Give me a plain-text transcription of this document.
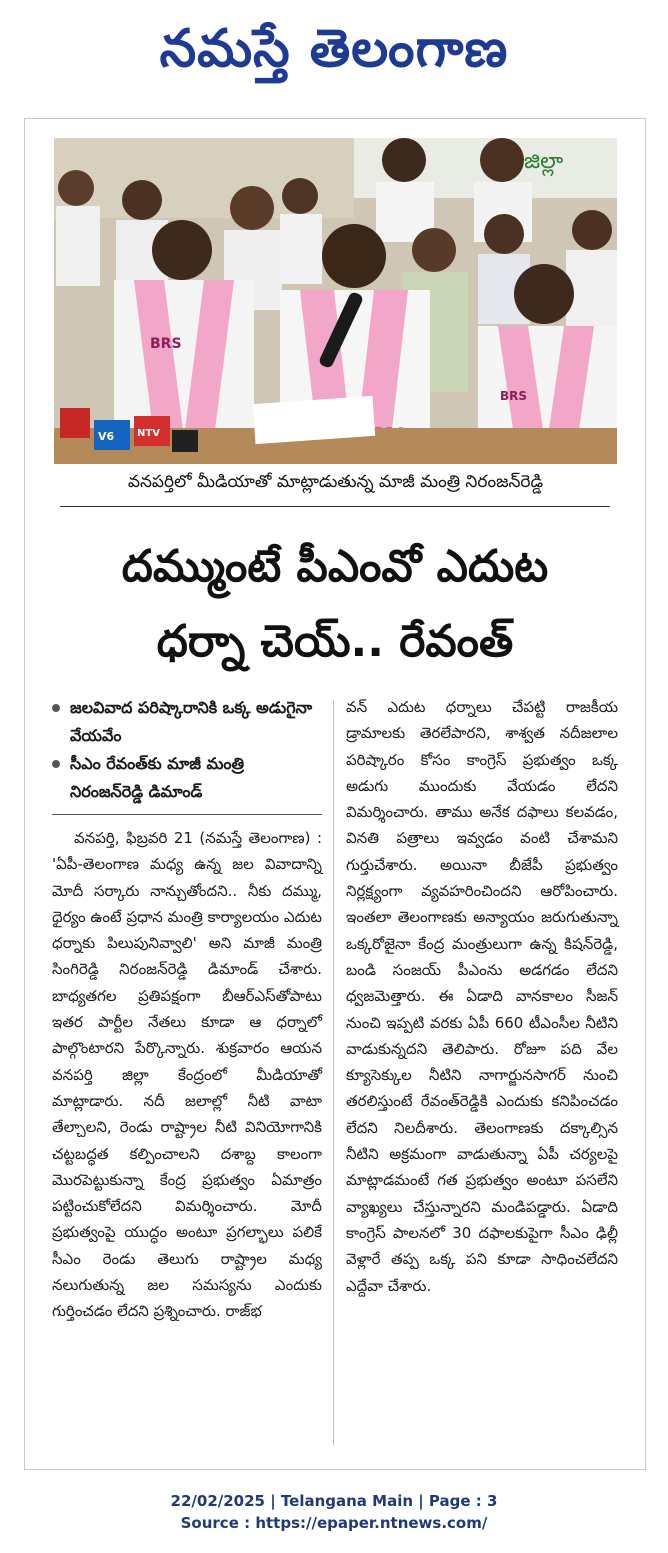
నమస్తే తెలంగాణ
జిల్లా
BRS
BRS
V6 NTV
వనపర్తిలో మీడియాతో మాట్లాడుతున్న మాజీ మంత్రి నిరంజన్‌రెడ్డి
దమ్ముంటే పీఎంవో ఎదుట
ధర్నా చెయ్.. రేవంత్
జలవివాద పరిష్కారానికి ఒక్క అడుగైనా వేయవేం
సీఎం రేవంత్‌కు మాజీ మంత్రి నిరంజన్‌రెడ్డి డిమాండ్

వనపర్తి, ఫిబ్రవరి 21 (నమస్తే తెలంగాణ) : 'ఏపీ-తెలంగాణ మధ్య ఉన్న జల వివాదాన్ని మోదీ సర్కారు నాన్చుతోందని.. నీకు దమ్ము, ధైర్యం ఉంటే ప్రధాన మంత్రి కార్యాలయం ఎదుట ధర్నాకు పిలుపునివ్వాలి' అని మాజీ మంత్రి సింగిరెడ్డి నిరంజన్‌రెడ్డి డిమాండ్ చేశారు. బాధ్యతగల ప్రతిపక్షంగా బీఆర్‌ఎస్‌తోపాటు ఇతర పార్టీల నేతలు కూడా ఆ ధర్నాలో పాల్గొంటారని పేర్కొన్నారు. శుక్రవారం ఆయన వనపర్తి జిల్లా కేంద్రంలో మీడియాతో మాట్లాడారు. నదీ జలాల్లో నీటి వాటా తేల్చాలని, రెండు రాష్ట్రాల నీటి వినియోగానికి చట్టబద్ధత కల్పించాలని దశాబ్ద కాలంగా మొరపెట్టుకున్నా కేంద్ర ప్రభుత్వం ఏమాత్రం పట్టించుకోలేదని విమర్శించారు. మోదీ ప్రభుత్వంపై యుద్ధం అంటూ ప్రగల్భాలు పలికే సీఎం రెండు తెలుగు రాష్ట్రాల మధ్య నలుగుతున్న జల సమస్యను ఎందుకు గుర్తించడం లేదని ప్రశ్నించారు. రాజ్‌భ

వన్ ఎదుట ధర్నాలు చేపట్టి రాజకీయ డ్రామాలకు తెరలేపారని, శాశ్వత నదీజలాల పరిష్కారం కోసం కాంగ్రెస్ ప్రభుత్వం ఒక్క అడుగు ముందుకు వేయడం లేదని విమర్శించారు. తాము అనేక దఫాలు కలవడం, వినతి పత్రాలు ఇవ్వడం వంటి చేశామని గుర్తుచేశారు. అయినా బీజేపీ ప్రభుత్వం నిర్లక్ష్యంగా వ్యవహరించిందని ఆరోపించారు. ఇంతలా తెలంగాణకు అన్యాయం జరుగుతున్నా ఒక్కరోజైనా కేంద్ర మంత్రులుగా ఉన్న కిషన్‌రెడ్డి, బండి సంజయ్ పీఎంను అడగడం లేదని ధ్వజమెత్తారు. ఈ ఏడాది వానకాలం సీజన్ నుంచి ఇప్పటి వరకు ఏపీ 660 టీఎంసీల నీటిని వాడుకున్నదని తెలిపారు. రోజూ పది వేల క్యూసెక్కుల నీటిని నాగార్జునసాగర్ నుంచి తరలిస్తుంటే రేవంత్‌రెడ్డికి ఎందుకు కనిపించడం లేదని నిలదీశారు. తెలంగాణకు దక్కాల్సిన నీటిని అక్రమంగా వాడుతున్నా ఏపీ చర్యలపై మాట్లాడమంటే గత ప్రభుత్వం అంటూ పసలేని వ్యాఖ్యలు చేస్తున్నారని మండిపడ్డారు. ఏడాది కాంగ్రెస్ పాలనలో 30 దఫాలకుపైగా సీఎం ఢిల్లీ వెళ్లారే తప్ప ఒక్క పని కూడా సాధించలేదని ఎద్దేవా చేశారు.

22/02/2025 | Telangana Main | Page : 3
Source : https://epaper.ntnews.com/
